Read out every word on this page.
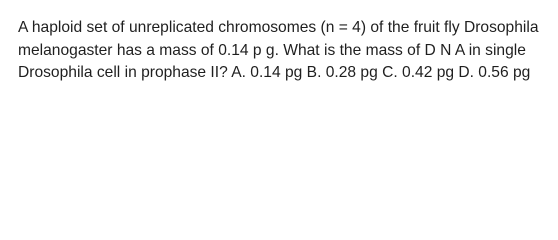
A haploid set of unreplicated chromosomes (n = 4) of the fruit fly Drosophila melanogaster has a mass of 0.14 p g. What is the mass of D N A in single Drosophila cell in prophase II? A. 0.14 pg B. 0.28 pg C. 0.42 pg D. 0.56 pg
